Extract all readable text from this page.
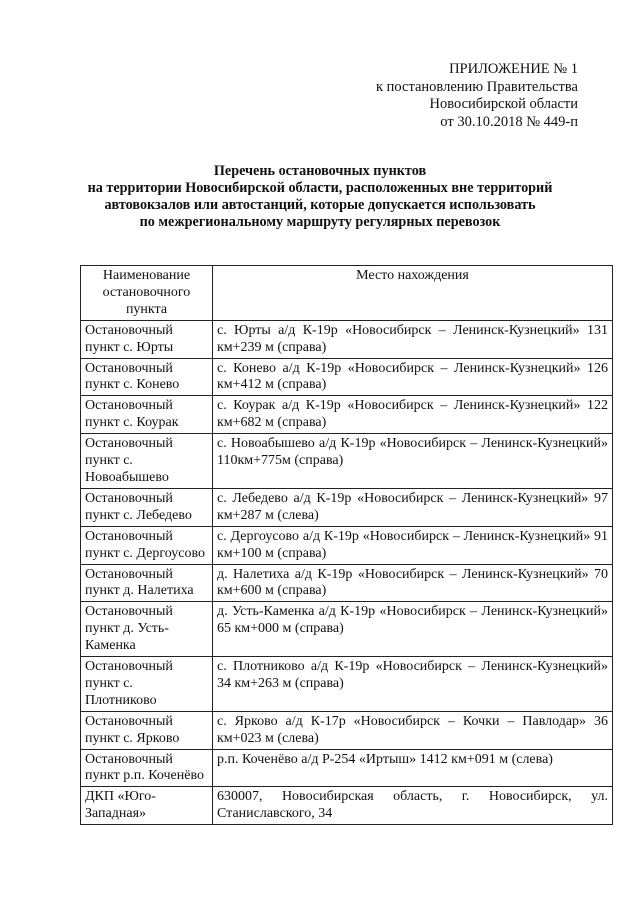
ПРИЛОЖЕНИЕ № 1
к постановлению Правительства
Новосибирской области
от 30.10.2018 № 449-п
Перечень остановочных пунктов
на территории Новосибирской области, расположенных вне территорий
автовокзалов или автостанций, которые допускается использовать
по межрегиональному маршруту регулярных перевозок
Наименование остановочного пункта	Место нахождения
Остановочный пункт с. Юрты	с. Юрты а/д К-19р «Новосибирск – Ленинск-Кузнецкий» 131 км+239 м (справа)
Остановочный пункт с. Конево	с. Конево а/д К-19р «Новосибирск – Ленинск-Кузнецкий» 126 км+412 м (справа)
Остановочный пункт с. Коурак	с. Коурак а/д К-19р «Новосибирск – Ленинск-Кузнецкий» 122 км+682 м (справа)
Остановочный пункт с. Новоабышево	с. Новоабышево а/д К-19р «Новосибирск – Ленинск-Кузнецкий» 110км+775м (справа)
Остановочный пункт с. Лебедево	с. Лебедево а/д К-19р «Новосибирск – Ленинск-Кузнецкий» 97 км+287 м (слева)
Остановочный пункт с. Дергоусово	с. Дергоусово а/д К-19р «Новосибирск – Ленинск-Кузнецкий» 91 км+100 м (справа)
Остановочный пункт д. Налетиха	д. Налетиха а/д К-19р «Новосибирск – Ленинск-Кузнецкий» 70 км+600 м (справа)
Остановочный пункт д. Усть-Каменка	д. Усть-Каменка а/д К-19р «Новосибирск – Ленинск-Кузнецкий» 65 км+000 м (справа)
Остановочный пункт с. Плотниково	с. Плотниково а/д К-19р «Новосибирск – Ленинск-Кузнецкий» 34 км+263 м (справа)
Остановочный пункт с. Ярково	с. Ярково а/д К-17р «Новосибирск – Кочки – Павлодар» 36 км+023 м (слева)
Остановочный пункт р.п. Коченёво	р.п. Коченёво а/д Р-254 «Иртыш» 1412 км+091 м (слева)
ДКП «Юго-Западная»	630007, Новосибирская область, г. Новосибирск, ул. Станиславского, 34
